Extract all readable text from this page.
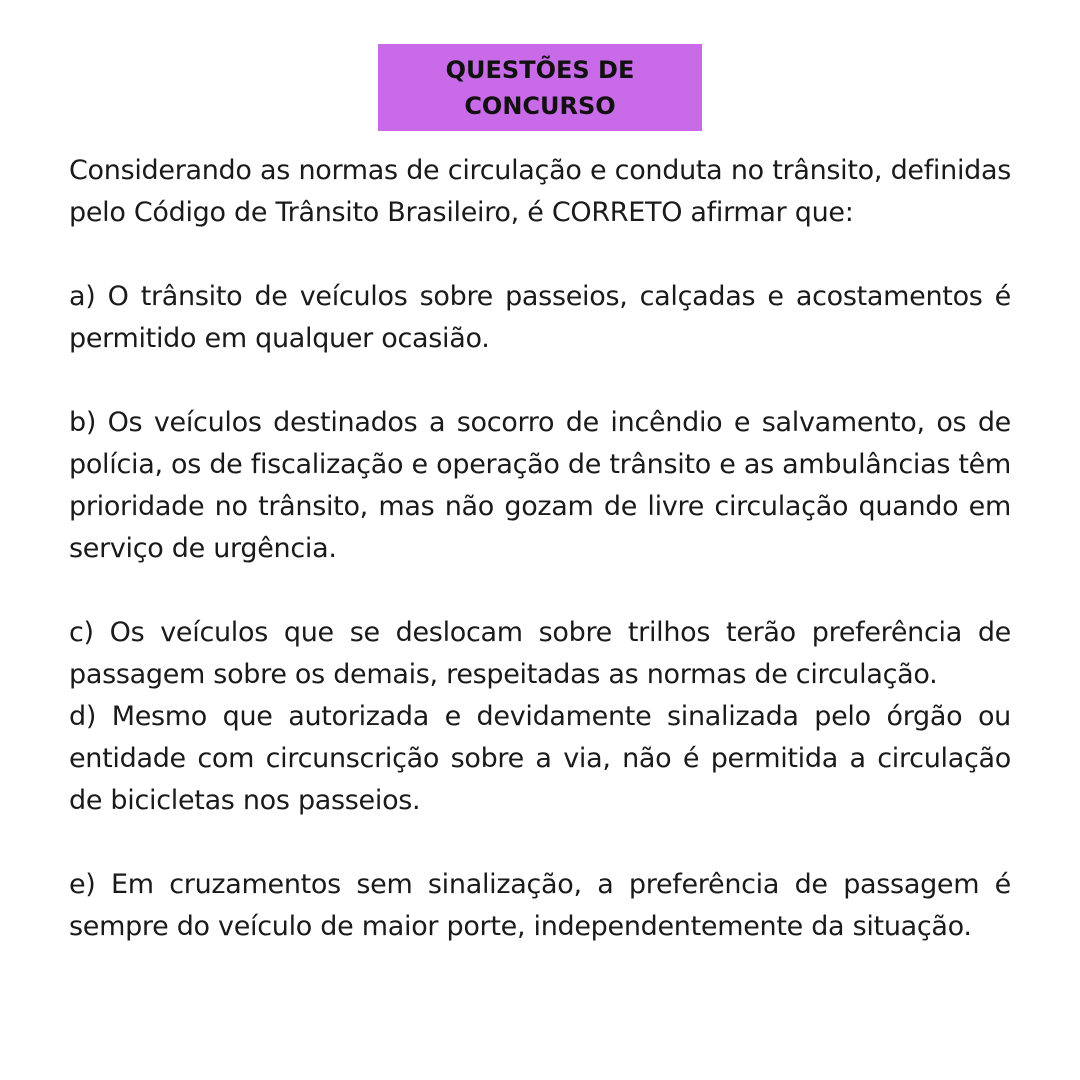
QUESTÕES DE
CONCURSO

Considerando as normas de circulação e conduta no trânsito, definidas pelo Código de Trânsito Brasileiro, é CORRETO afirmar que:

a) O trânsito de veículos sobre passeios, calçadas e acostamentos é permitido em qualquer ocasião.

b) Os veículos destinados a socorro de incêndio e salvamento, os de polícia, os de fiscalização e operação de trânsito e as ambulâncias têm prioridade no trânsito, mas não gozam de livre circulação quando em serviço de urgência.

c) Os veículos que se deslocam sobre trilhos terão preferência de passagem sobre os demais, respeitadas as normas de circulação.

d) Mesmo que autorizada e devidamente sinalizada pelo órgão ou entidade com circunscrição sobre a via, não é permitida a circulação de bicicletas nos passeios.

e) Em cruzamentos sem sinalização, a preferência de passagem é sempre do veículo de maior porte, independentemente da situação.
